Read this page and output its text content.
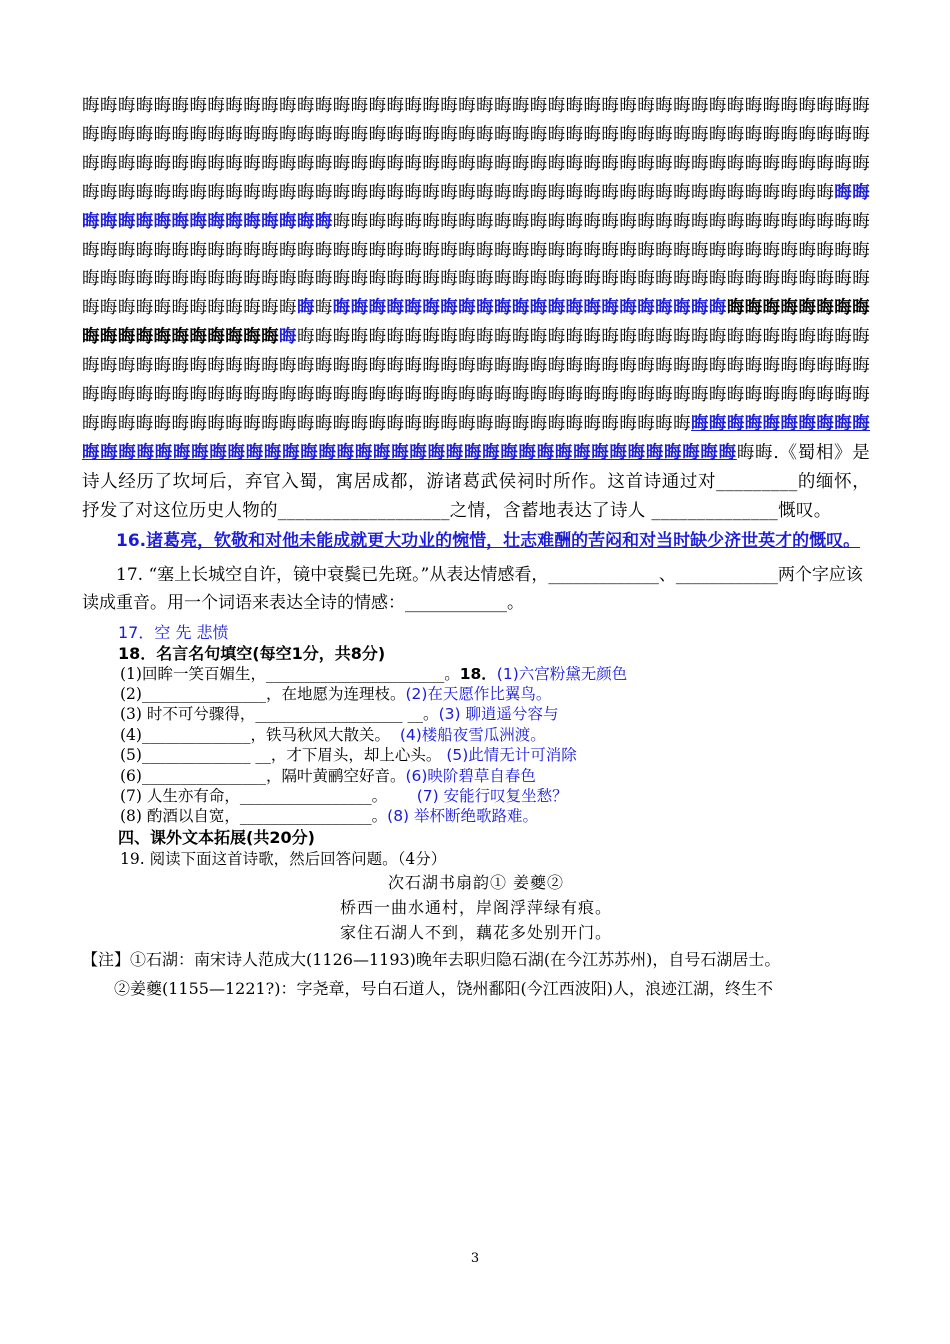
晦晦晦晦晦晦晦晦晦晦晦晦晦晦晦晦晦晦晦晦晦晦晦晦晦晦晦晦晦晦晦晦晦晦晦晦晦晦晦晦晦晦晦晦晦晦晦晦晦晦晦晦晦晦晦晦晦晦晦晦晦晦晦晦晦晦晦晦晦晦晦晦晦晦晦晦晦晦晦晦晦晦晦晦晦晦晦晦晦晦晦晦晦晦晦晦晦晦晦晦晦晦晦晦晦晦晦晦晦晦晦晦晦晦晦晦晦晦晦晦晦晦晦晦晦晦晦晦晦晦晦晦晦晦晦晦晦晦晦晦晦晦晦晦晦晦晦晦晦晦晦晦晦晦晦晦晦晦晦晦晦晦晦晦晦晦晦晦晦晦晦晦晦晦晦晦晦晦晦晦晦晦晦晦晦晦晦晦晦晦晦晦晦晦晦晦晦晦晦晦晦晦晦晦晦晦晦晦晦晦晦晦晦晦晦晦晦晦晦晦晦晦晦晦晦晦晦晦晦晦晦晦晦晦晦晦晦晦晦晦晦晦晦晦晦晦晦晦晦晦晦晦晦晦晦晦晦晦晦晦晦晦晦晦晦晦晦晦晦晦晦晦晦晦晦晦晦晦晦晦晦晦晦晦晦晦晦晦晦晦晦晦晦晦晦晦晦晦晦晦晦晦晦晦晦晦晦晦晦晦晦晦晦晦晦晦晦晦晦晦晦晦晦晦晦晦晦晦晦晦晦晦晦晦晦晦晦晦晦晦晦晦晦晦晦晦晦晦晦晦晦晦晦晦晦晦晦晦晦晦晦晦晦晦晦晦晦晦晦晦晦晦晦晦晦晦晦晦晦晦晦晦晦晦晦晦晦晦晦晦晦晦晦晦晦晦晦晦晦晦晦晦晦晦晦晦晦晦晦晦晦晦晦晦晦晦晦晦晦晦晦晦晦晦晦晦晦晦晦晦晦晦晦晦晦晦晦晦晦晦晦晦晦晦晦晦晦晦晦晦晦晦晦晦晦晦晦晦晦晦晦晦晦晦晦晦晦晦晦晦晦晦晦晦晦晦晦晦晦晦晦晦晦晦晦晦晦晦晦晦晦晦晦晦晦晦晦晦晦晦晦晦晦晦晦晦晦晦晦晦晦晦晦晦晦晦晦晦晦晦晦晦晦晦晦晦晦晦晦晦晦晦晦晦晦晦晦晦晦晦晦晦晦晦晦晦晦晦晦晦晦晦晦晦晦晦晦晦晦晦晦晦晦晦晦晦.《蜀相》是诗人经历了坎坷后，弃官入蜀，寓居成都，游诸葛武侯祠时所作。这首诗通过对_________的缅怀，抒发了对这位历史人物的___________________之情，含蓄地表达了诗人 ______________慨叹。

16.诸葛亮，钦敬和对他未能成就更大功业的惋惜，壮志难酬的苦闷和对当时缺少济世英才的慨叹。

17. “塞上长城空自许，镜中衰鬓已先斑。”从表达情感看，_____________、____________两个字应该读成重音。用一个词语来表达全诗的情感：____________。

17．空 先 悲愤

18．名言名句填空(每空1分，共8分)

(1)回眸一笑百媚生，_______________________。18．(1)六宫粉黛无颜色

(2)________________，在地愿为连理枝。(2)在天愿作比翼鸟。

(3) 时不可兮骤得，___________________ __。(3) 聊逍遥兮容与

(4)______________，铁马秋风大散关。  (4)楼船夜雪瓜洲渡。

(5)______________ __，才下眉头，却上心头。 (5)此情无计可消除

(6)________________，隔叶黄鹂空好音。(6)映阶碧草自春色

(7) 人生亦有命，_________________。      (7) 安能行叹复坐愁？

(8) 酌酒以自宽，_________________。(8) 举杯断绝歌路难。

四、课外文本拓展(共20分)

19. 阅读下面这首诗歌，然后回答问题。（4分）

次石湖书扇韵① 姜夔②

桥西一曲水通村，岸阁浮萍绿有痕。

家住石湖人不到，藕花多处别开门。

【注】①石湖：南宋诗人范成大(1126—1193)晚年去职归隐石湖(在今江苏苏州)，自号石湖居士。

②姜夔(1155—1221?)：字尧章，号白石道人，饶州鄱阳(今江西波阳)人，浪迹江湖，终生不

3
